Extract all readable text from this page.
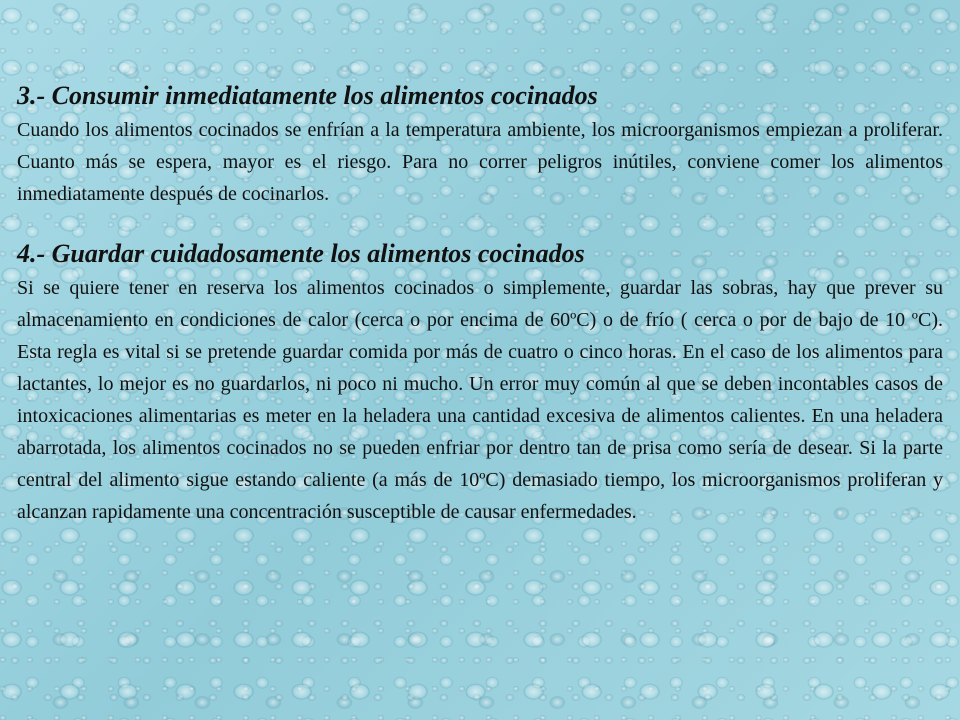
3.- Consumir inmediatamente los alimentos cocinados

Cuando los alimentos cocinados se enfrían a la temperatura ambiente, los microorganismos empiezan a proliferar. Cuanto más se espera, mayor es el riesgo. Para no correr peligros inútiles, conviene comer los alimentos inmediatamente después de cocinarlos.

4.- Guardar cuidadosamente los alimentos cocinados

Si se quiere tener en reserva los alimentos cocinados o simplemente, guardar las sobras, hay que prever su almacenamiento en condiciones de calor (cerca o por encima de 60ºC) o de frío ( cerca o por de bajo de 10 ºC). Esta regla es vital si se pretende guardar comida por más de cuatro o cinco horas. En el caso de los alimentos para lactantes, lo mejor es no guardarlos, ni poco ni mucho. Un error muy común al que se deben incontables casos de intoxicaciones alimentarias es meter en la heladera una cantidad excesiva de alimentos calientes. En una heladera abarrotada, los alimentos cocinados no se pueden enfriar por dentro tan de prisa como sería de desear. Si la parte central del alimento sigue estando caliente (a más de 10ºC) demasiado tiempo, los microorganismos proliferan y alcanzan rapidamente una concentración susceptible de causar enfermedades.
